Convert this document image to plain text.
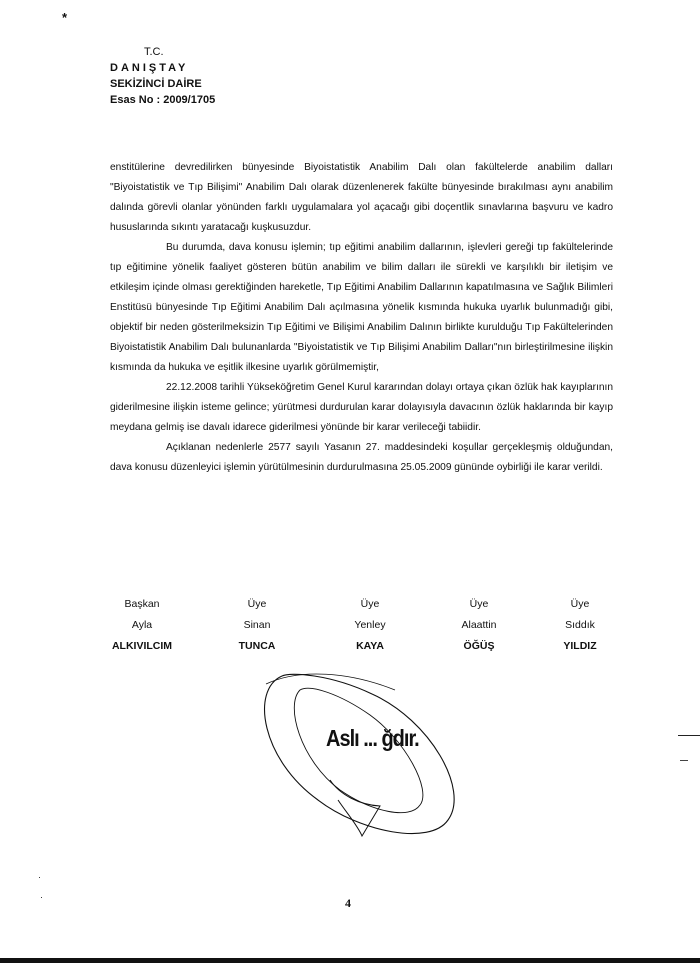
*
T.C.
DANIŞTAY
SEKİZİNCİ DAİRE
Esas No : 2009/1705

enstitülerine devredilirken bünyesinde Biyoistatistik Anabilim Dalı olan fakültelerde anabilim dalları "Biyoistatistik ve Tıp Bilişimi" Anabilim Dalı olarak düzenlenerek fakülte bünyesinde bırakılması aynı anabilim dalında görevli olanlar yönünden farklı uygulamalara yol açacağı gibi doçentlik sınavlarına başvuru ve kadro hususlarında sıkıntı yaratacağı kuşkusuzdur.

Bu durumda, dava konusu işlemin; tıp eğitimi anabilim dallarının, işlevleri gereği tıp fakültelerinde tıp eğitimine yönelik faaliyet gösteren bütün anabilim ve bilim dalları ile sürekli ve karşılıklı bir iletişim ve etkileşim içinde olması gerektiğinden hareketle, Tıp Eğitimi Anabilim Dallarının kapatılmasına ve Sağlık Bilimleri Enstitüsü bünyesinde Tıp Eğitimi Anabilim Dalı açılmasına yönelik kısmında hukuka uyarlık bulunmadığı gibi, objektif bir neden gösterilmeksizin Tıp Eğitimi ve Bilişimi Anabilim Dalının birlikte kurulduğu Tıp Fakültelerinden Biyoistatistik Anabilim Dalı bulunanlarda "Biyoistatistik ve Tıp Bilişimi Anabilim Dalları"nın birleştirilmesine ilişkin kısmında da hukuka ve eşitlik ilkesine uyarlık görülmemiştir,

22.12.2008 tarihli Yükseköğretim Genel Kurul kararından dolayı ortaya çıkan özlük hak kayıplarının giderilmesine ilişkin isteme gelince; yürütmesi durdurulan karar dolayısıyla davacının özlük haklarında bir kayıp meydana gelmiş ise davalı idarece giderilmesi yönünde bir karar verileceği tabiidir.

Açıklanan nedenlerle 2577 sayılı Yasanın 27. maddesindeki koşullar gerçekleşmiş olduğundan, dava konusu düzenleyici işlemin yürütülmesinin durdurulmasına 25.05.2009 gününde oybirliği ile karar verildi.

Başkan
Ayla
ALKIVILCIM
Üye
Sinan
TUNCA
Üye
Yenley
KAYA
Üye
Alaattin
ÖĞÜŞ
Üye
Sıddık
YILDIZ
Aslı ... ğdır.
4
·
·
